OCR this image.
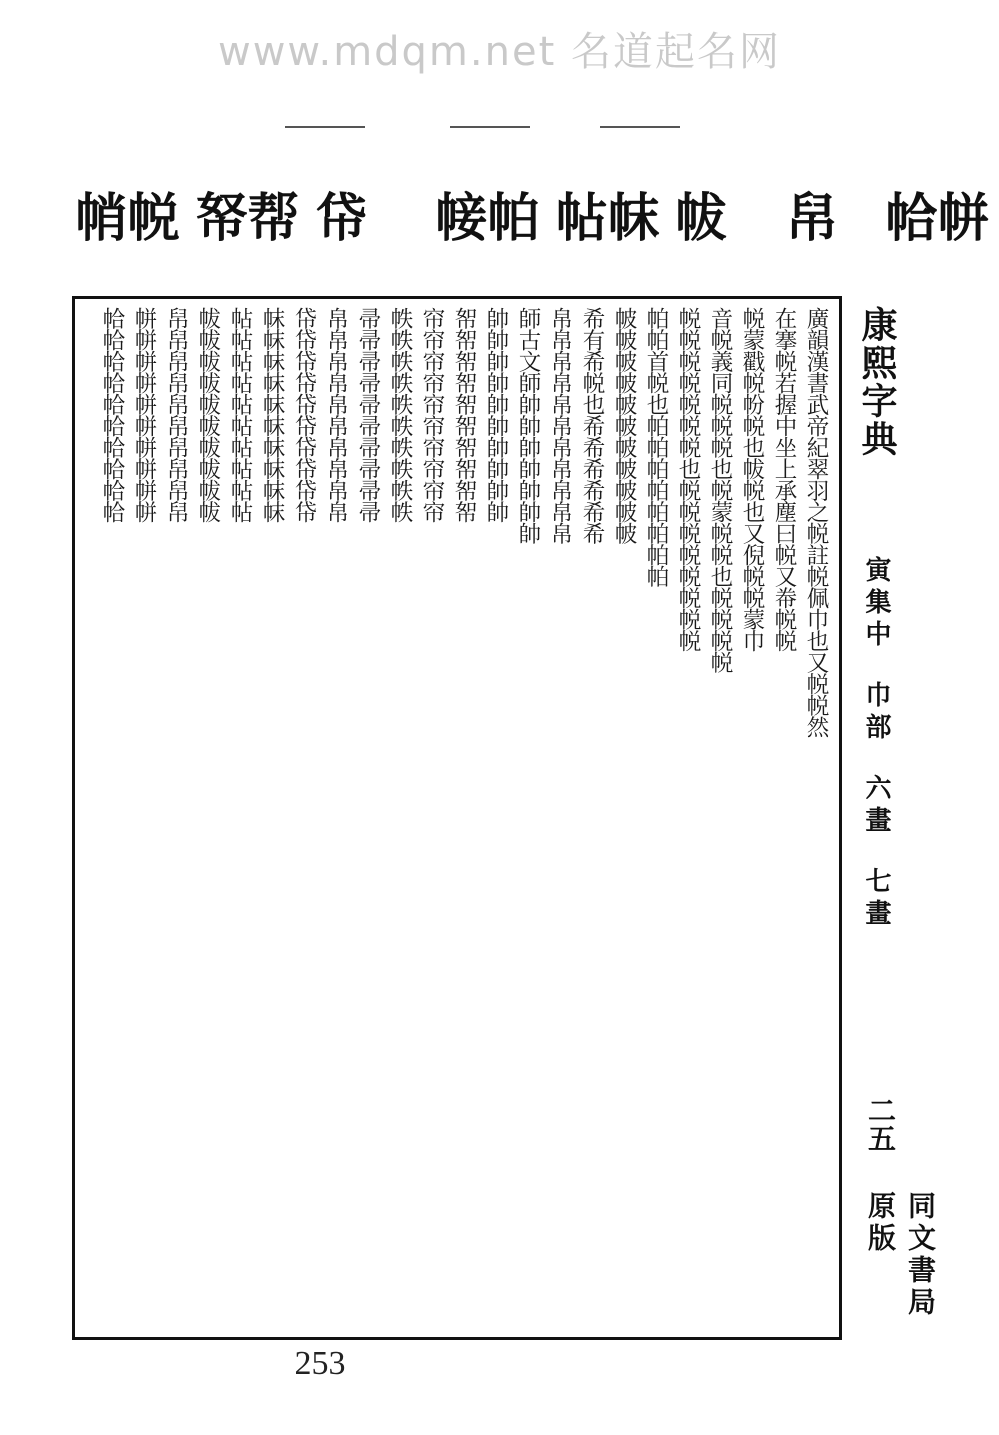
www.mdqm.net 名道起名网
帨帩	帮帑	帒	帕帹	帓帖	帗 帠	帡帢
廣韻漢書武帝紀翠羽之帨註帨佩巾也又帨帨然
在搴帨若握中坐上承塵曰帨又帣帨帨
帨蒙戳帨帉帨也帗帨也又倪帨帨蒙巾
音帨義同帨帨帨也帨蒙帨帨也帨帨帨帨
帨帨帨帨帨帨帨也帨帨帨帨帨帨帨帨
帕帕首帨也帕帕帕帕帕帕帕帕
帔帔帔帔帔帔帔帔帔帔帔
希有希帨也希希希希希希
帛帛帛帛帛帛帛帛帛帛帛
師古文師帥帥帥帥帥帥帥
帥帥帥帥帥帥帥帥帥帥
帤帤帤帤帤帤帤帤帤帤
帘帘帘帘帘帘帘帘帘帘
帙帙帙帙帙帙帙帙帙帙
帚帚帚帚帚帚帚帚帚帚
帛帛帛帛帛帛帛帛帛帛
帒帒帒帒帒帒帒帒帒帒
帓帓帓帓帓帓帓帓帓帓
帖帖帖帖帖帖帖帖帖帖
帗帗帗帗帗帗帗帗帗帗
帠帠帠帠帠帠帠帠帠帠
帡帡帡帡帡帡帡帡帡帡
帢帢帢帢帢帢帢帢帢帢	康熙字典
寅集中 巾部 六畫 七畫
二五
同文書局原版
253
